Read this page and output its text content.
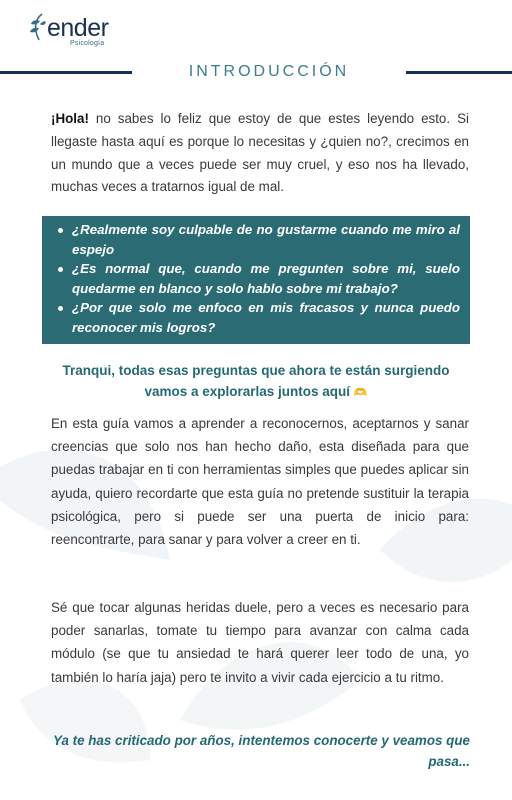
ender
Psicología
INTRODUCCIÓN
¡Hola! no sabes lo feliz que estoy de que estes leyendo esto. Si llegaste hasta aquí es porque lo necesitas y ¿quien no?, crecimos en un mundo que a veces puede ser muy cruel, y eso nos ha llevado, muchas veces a tratarnos igual de mal.
¿Realmente soy culpable de no gustarme cuando me miro al espejo
¿Es normal que, cuando me pregunten sobre mi, suelo quedarme en blanco y solo hablo sobre mi trabajo?
¿Por que solo me enfoco en mis fracasos y nunca puedo reconocer mis logros?
Tranqui, todas esas preguntas que ahora te están surgiendo vamos a explorarlas juntos aquí 🫶
En esta guía vamos a aprender a reconocernos, aceptarnos y sanar creencias que solo nos han hecho daño, esta diseñada para que puedas trabajar en ti con herramientas simples que puedes aplicar sin ayuda, quiero recordarte que esta guía no pretende sustituir la terapia psicológica, pero si puede ser una puerta de inicio para: reencontrarte, para sanar y para volver a creer en ti.
Sé que tocar algunas heridas duele, pero a veces es necesario para poder sanarlas, tomate tu tiempo para avanzar con calma cada módulo (se que tu ansiedad te hará querer leer todo de una, yo también lo haría jaja) pero te invito a vivir cada ejercicio a tu ritmo.
Ya te has criticado por años, intentemos conocerte y veamos que pasa...
